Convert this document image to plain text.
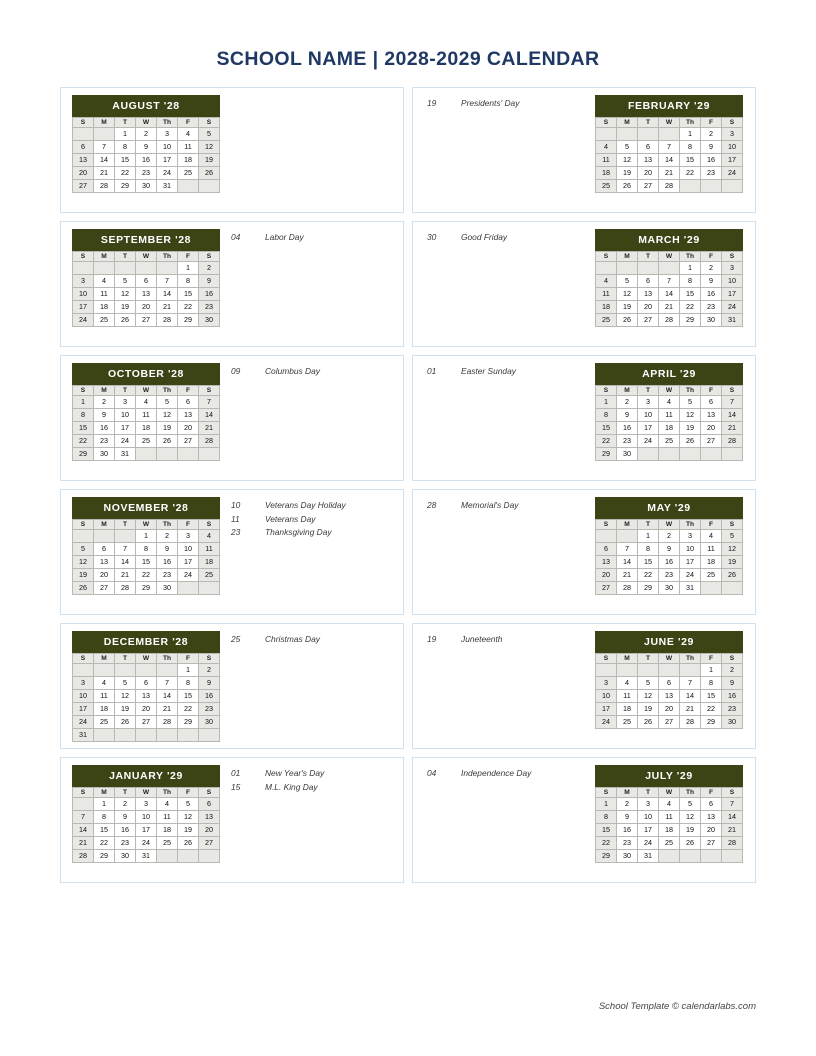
SCHOOL NAME | 2028-2029 CALENDAR
AUGUST '28
S	M	T	W	Th	F	S
		1	2	3	4	5
6	7	8	9	10	11	12
13	14	15	16	17	18	19
20	21	22	23	24	25	26
27	28	29	30	31		
19	Presidents' Day	FEBRUARY '29
S	M	T	W	Th	F	S
				1	2	3
4	5	6	7	8	9	10
11	12	13	14	15	16	17
18	19	20	21	22	23	24
25	26	27	28			
SEPTEMBER '28
S	M	T	W	Th	F	S
					1	2
3	4	5	6	7	8	9
10	11	12	13	14	15	16
17	18	19	20	21	22	23
24	25	26	27	28	29	30
04	Labor Day	30	Good Friday	MARCH '29
S	M	T	W	Th	F	S
				1	2	3
4	5	6	7	8	9	10
11	12	13	14	15	16	17
18	19	20	21	22	23	24
25	26	27	28	29	30	31
OCTOBER '28
S	M	T	W	Th	F	S
1	2	3	4	5	6	7
8	9	10	11	12	13	14
15	16	17	18	19	20	21
22	23	24	25	26	27	28
29	30	31				
09	Columbus Day	01	Easter Sunday	APRIL '29
S	M	T	W	Th	F	S
1	2	3	4	5	6	7
8	9	10	11	12	13	14
15	16	17	18	19	20	21
22	23	24	25	26	27	28
29	30					
NOVEMBER '28
S	M	T	W	Th	F	S
			1	2	3	4
5	6	7	8	9	10	11
12	13	14	15	16	17	18
19	20	21	22	23	24	25
26	27	28	29	30		
10	Veterans Day Holiday
11	Veterans Day
23	Thanksgiving Day
28	Memorial's Day	MAY '29
S	M	T	W	Th	F	S
		1	2	3	4	5
6	7	8	9	10	11	12
13	14	15	16	17	18	19
20	21	22	23	24	25	26
27	28	29	30	31		
DECEMBER '28
S	M	T	W	Th	F	S
					1	2
3	4	5	6	7	8	9
10	11	12	13	14	15	16
17	18	19	20	21	22	23
24	25	26	27	28	29	30
31						
25	Christmas Day	19	Juneteenth	JUNE '29
S	M	T	W	Th	F	S
					1	2
3	4	5	6	7	8	9
10	11	12	13	14	15	16
17	18	19	20	21	22	23
24	25	26	27	28	29	30
JANUARY '29
S	M	T	W	Th	F	S
	1	2	3	4	5	6
7	8	9	10	11	12	13
14	15	16	17	18	19	20
21	22	23	24	25	26	27
28	29	30	31			
01	New Year's Day
15	M.L. King Day
04	Independence Day	JULY '29
S	M	T	W	Th	F	S
1	2	3	4	5	6	7
8	9	10	11	12	13	14
15	16	17	18	19	20	21
22	23	24	25	26	27	28
29	30	31				
School Template © calendarlabs.com
